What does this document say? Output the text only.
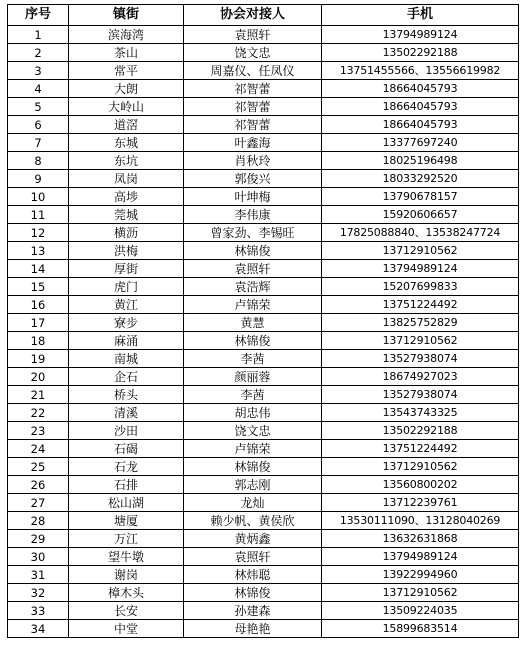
序号	镇街	协会对接人	手机
1	滨海湾	袁照轩	13794989124
2	茶山	饶文忠	13502292188
3	常平	周嘉仪、任凤仪	13751455566、13556619982
4	大朗	祁智蕾	18664045793
5	大岭山	祁智蕾	18664045793
6	道滘	祁智蕾	18664045793
7	东城	叶鑫海	13377697240
8	东坑	肖秋玲	18025196498
9	凤岗	郭俊兴	18033292520
10	高埗	叶坤梅	13790678157
11	莞城	李伟康	15920606657
12	横沥	曾家劲、李锡旺	17825088840、13538247724
13	洪梅	林锦俊	13712910562
14	厚街	袁照轩	13794989124
15	虎门	袁浩辉	15207699833
16	黄江	卢锦荣	13751224492
17	寮步	黄慧	13825752829
18	麻涌	林锦俊	13712910562
19	南城	李茜	13527938074
20	企石	颜丽蓉	18674927023
21	桥头	李茜	13527938074
22	清溪	胡忠伟	13543743325
23	沙田	饶文忠	13502292188
24	石碣	卢锦荣	13751224492
25	石龙	林锦俊	13712910562
26	石排	郭志刚	13560800202
27	松山湖	龙灿	13712239761
28	塘厦	赖少帆、黄侯欣	13530111090、13128040269
29	万江	黄炳鑫	13632631868
30	望牛墩	袁照轩	13794989124
31	谢岗	林炜聪	13922994960
32	樟木头	林锦俊	13712910562
33	长安	孙建森	13509224035
34	中堂	母艳艳	15899683514
